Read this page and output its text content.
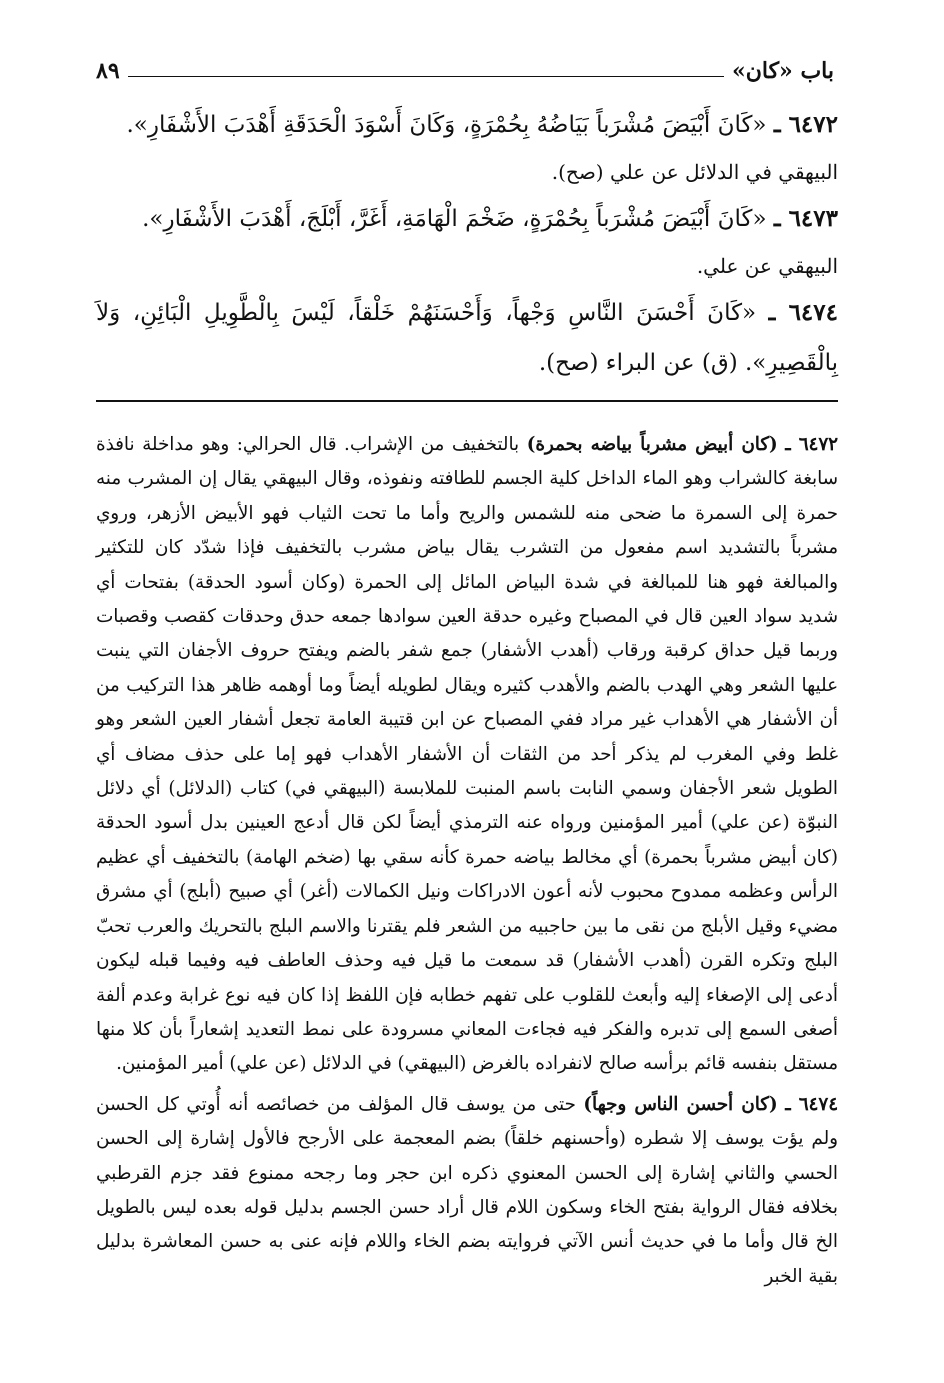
باب «كان»
٨٩
٦٤٧٢ ـ «كَانَ أَبْيَضَ مُشْرَباً بَيَاضُهُ بِحُمْرَةٍ، وَكَانَ أَسْوَدَ الْحَدَقَةِ أَهْدَبَ الأَشْفَارِ».
البيهقي في الدلائل عن علي (صح).
٦٤٧٣ ـ «كَانَ أَبْيَضَ مُشْرَباً بِحُمْرَةٍ، ضَخْمَ الْهَامَةِ، أَغَرَّ، أَبْلَجَ، أَهْدَبَ الأَشْفَارِ».
البيهقي عن علي.
٦٤٧٤ ـ «كَانَ أَحْسَنَ النَّاسِ وَجْهاً، وَأَحْسَنَهُمْ خَلْقاً، لَيْسَ بِالْطَّوِيلِ الْبَائِنِ، وَلاَ بِالْقَصِيرِ». (ق) عن البراء (صح).

٦٤٧٢ ـ (كان أبيض مشرباً بياضه بحمرة) بالتخفيف من الإشراب. قال الحرالي: وهو مداخلة نافذة سابغة كالشراب وهو الماء الداخل كلية الجسم للطافته ونفوذه، وقال البيهقي يقال إن المشرب منه حمرة إلى السمرة ما ضحى منه للشمس والريح وأما ما تحت الثياب فهو الأبيض الأزهر، وروي مشرباً بالتشديد اسم مفعول من التشرب يقال بياض مشرب بالتخفيف فإذا شدّد كان للتكثير والمبالغة فهو هنا للمبالغة في شدة البياض المائل إلى الحمرة (وكان أسود الحدقة) بفتحات أي شديد سواد العين قال في المصباح وغيره حدقة العين سوادها جمعه حدق وحدقات كقصب وقصبات وربما قيل حداق كرقبة ورقاب (أهدب الأشفار) جمع شفر بالضم ويفتح حروف الأجفان التي ينبت عليها الشعر وهي الهدب بالضم والأهدب كثيره ويقال لطويله أيضاً وما أوهمه ظاهر هذا التركيب من أن الأشفار هي الأهداب غير مراد ففي المصباح عن ابن قتيبة العامة تجعل أشفار العين الشعر وهو غلط وفي المغرب لم يذكر أحد من الثقات أن الأشفار الأهداب فهو إما على حذف مضاف أي الطويل شعر الأجفان وسمي النابت باسم المنبت للملابسة (البيهقي في) كتاب (الدلائل) أي دلائل النبوّة (عن علي) أمير المؤمنين ورواه عنه الترمذي أيضاً لكن قال أدعج العينين بدل أسود الحدقة (كان أبيض مشرباً بحمرة) أي مخالط بياضه حمرة كأنه سقي بها (ضخم الهامة) بالتخفيف أي عظيم الرأس وعظمه ممدوح محبوب لأنه أعون الادراكات ونيل الكمالات (أغر) أي صبيح (أبلج) أي مشرق مضيء وقيل الأبلج من نقى ما بين حاجبيه من الشعر فلم يقترنا والاسم البلج بالتحريك والعرب تحبّ البلج وتكره القرن (أهدب الأشفار) قد سمعت ما قيل فيه وحذف العاطف فيه وفيما قبله ليكون أدعى إلى الإصغاء إليه وأبعث للقلوب على تفهم خطابه فإن اللفظ إذا كان فيه نوع غرابة وعدم ألفة أصغى السمع إلى تدبره والفكر فيه فجاءت المعاني مسرودة على نمط التعديد إشعاراً بأن كلا منها مستقل بنفسه قائم برأسه صالح لانفراده بالغرض (البيهقي) في الدلائل (عن علي) أمير المؤمنين.

٦٤٧٤ ـ (كان أحسن الناس وجهاً) حتى من يوسف قال المؤلف من خصائصه أنه أُوتي كل الحسن ولم يؤت يوسف إلا شطره (وأحسنهم خلقاً) بضم المعجمة على الأرجح فالأول إشارة إلى الحسن الحسي والثاني إشارة إلى الحسن المعنوي ذكره ابن حجر وما رجحه ممنوع فقد جزم القرطبي بخلافه فقال الرواية بفتح الخاء وسكون اللام قال أراد حسن الجسم بدليل قوله بعده ليس بالطويل الخ قال وأما ما في حديث أنس الآتي فروايته بضم الخاء واللام فإنه عنى به حسن المعاشرة بدليل بقية الخبر
